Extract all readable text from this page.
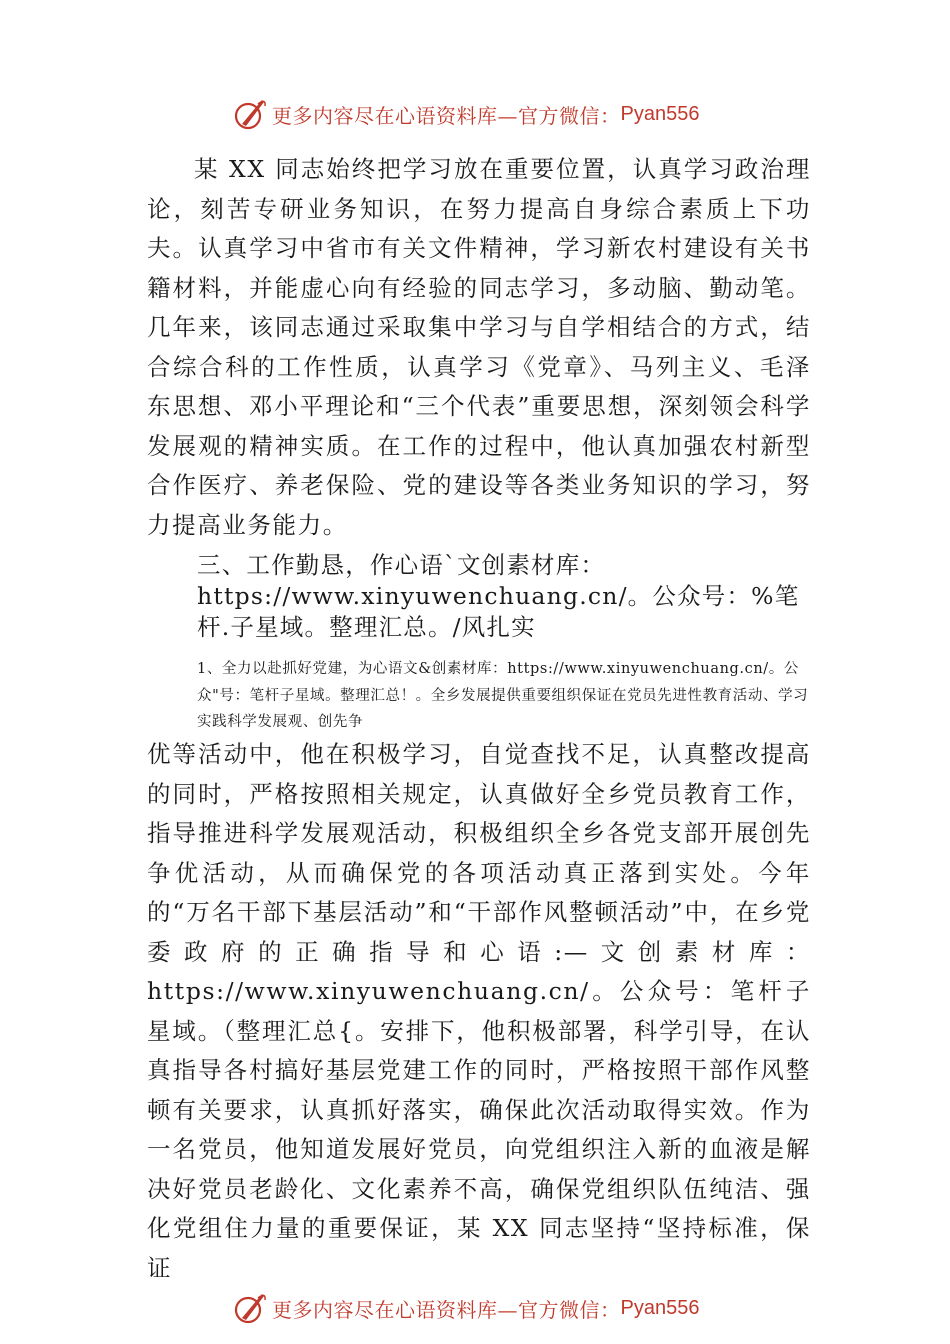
更多内容尽在心语资料库—官方微信： Pyan556
某 XX 同志始终把学习放在重要位置，认真学习政治理论，刻苦专研业务知识，在努力提高自身综合素质上下功夫。认真学习中省市有关文件精神，学习新农村建设有关书籍材料，并能虚心向有经验的同志学习，多动脑、勤动笔。几年来，该同志通过采取集中学习与自学相结合的方式，结合综合科的工作性质，认真学习《党章》、马列主义、毛泽东思想、邓小平理论和“三个代表”重要思想，深刻领会科学发展观的精神实质。在工作的过程中，他认真加强农村新型合作医疗、养老保险、党的建设等各类业务知识的学习，努力提高业务能力。
三、工作勤恳，作心语`文创素材库：https://www.xinyuwenchuang.cn/。公众号：%笔杆.子星域。整理汇总。/风扎实
1、全力以赴抓好党建，为心语文&创素材库：https://www.xinyuwenchuang.cn/。公众"号：笔杆子星域。整理汇总！。全乡发展提供重要组织保证在党员先进性教育活动、学习实践科学发展观、创先争
优等活动中，他在积极学习，自觉查找不足，认真整改提高的同时，严格按照相关规定，认真做好全乡党员教育工作，指导推进科学发展观活动，积极组织全乡各党支部开展创先争优活动，从而确保党的各项活动真正落到实处。今年的“万名干部下基层活动”和“干部作风整顿活动”中，在乡党委政府的正确指导和心语:—文创素材库：https://www.xinyuwenchuang.cn/。公众号：笔杆子星域。（整理汇总{。安排下，他积极部署，科学引导，在认真指导各村搞好基层党建工作的同时，严格按照干部作风整顿有关要求，认真抓好落实，确保此次活动取得实效。作为一名党员，他知道发展好党员，向党组织注入新的血液是解决好党员老龄化、文化素养不高，确保党组织队伍纯洁、强化党组住力量的重要保证，某 XX 同志坚持“坚持标准，保证
更多内容尽在心语资料库—官方微信： Pyan556
